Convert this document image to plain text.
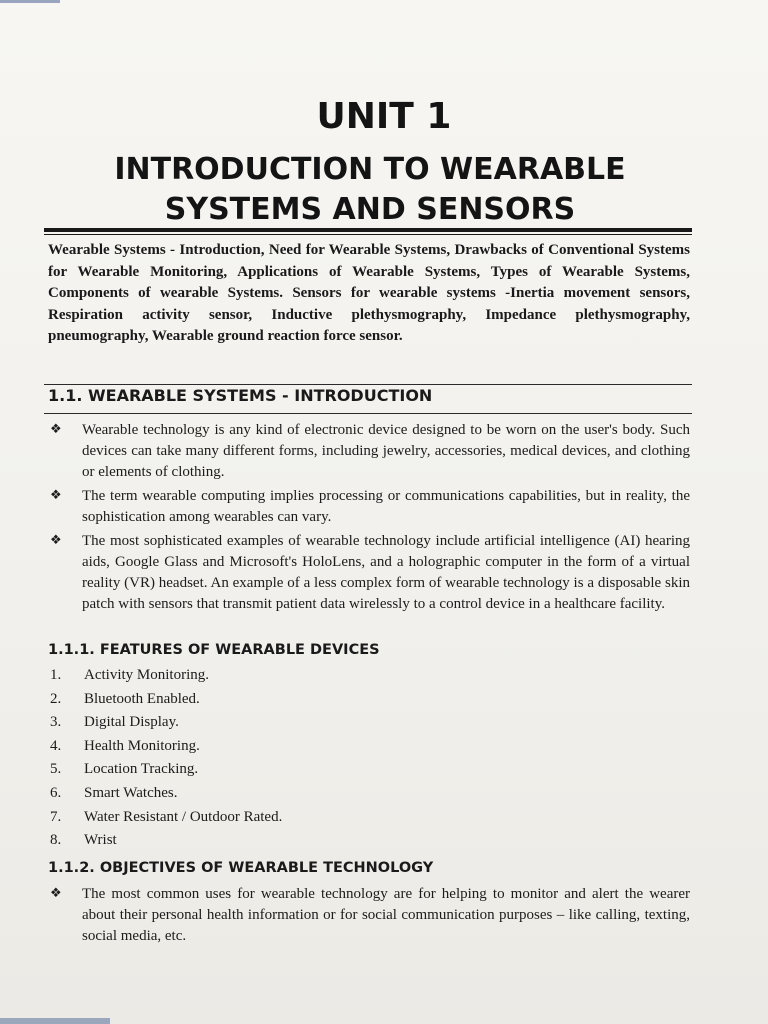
UNIT 1
INTRODUCTION TO WEARABLE
SYSTEMS AND SENSORS
Wearable Systems - Introduction, Need for Wearable Systems, Drawbacks of Conventional Systems for Wearable Monitoring, Applications of Wearable Systems, Types of Wearable Systems, Components of wearable Systems. Sensors for wearable systems -Inertia movement sensors, Respiration activity sensor, Inductive plethysmography, Impedance plethysmography, pneumography, Wearable ground reaction force sensor.
1.1. WEARABLE SYSTEMS - INTRODUCTION
❖	Wearable technology is any kind of electronic device designed to be worn on the user's body. Such devices can take many different forms, including jewelry, accessories, medical devices, and clothing or elements of clothing.
❖	The term wearable computing implies processing or communications capabilities, but in reality, the sophistication among wearables can vary.
❖	The most sophisticated examples of wearable technology include artificial intelligence (AI) hearing aids, Google Glass and Microsoft's HoloLens, and a holographic computer in the form of a virtual reality (VR) headset. An example of a less complex form of wearable technology is a disposable skin patch with sensors that transmit patient data wirelessly to a control device in a healthcare facility.
1.1.1. FEATURES OF WEARABLE DEVICES
1.	Activity Monitoring.
2.	Bluetooth Enabled.
3.	Digital Display.
4.	Health Monitoring.
5.	Location Tracking.
6.	Smart Watches.
7.	Water Resistant / Outdoor Rated.
8.	Wrist
1.1.2. OBJECTIVES OF WEARABLE TECHNOLOGY
❖	The most common uses for wearable technology are for helping to monitor and alert the wearer about their personal health information or for social communication purposes – like calling, texting, social media, etc.
